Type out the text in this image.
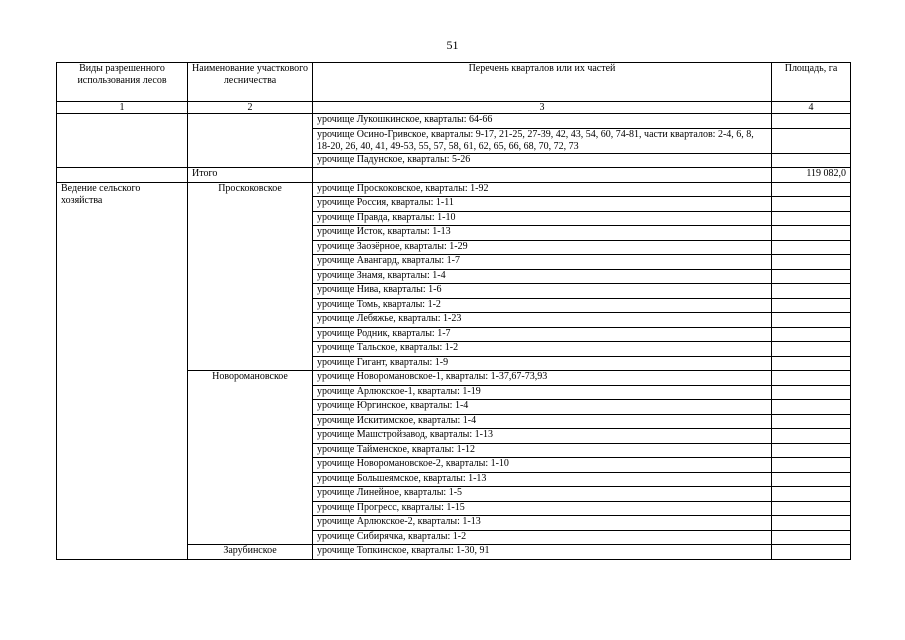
51
Виды разрешенного использования лесов	Наименование участкового лесничества	Перечень кварталов или их частей	Площадь, га
1	2	3	4
		урочище Лукошкинское, кварталы: 64-66	
		урочище Осино-Гривское, кварталы: 9-17, 21-25, 27-39, 42, 43, 54, 60, 74-81, части кварталов: 2-4, 6, 8, 18-20, 26, 40, 41, 49-53, 55, 57, 58, 61, 62, 65, 66, 68, 70, 72, 73	
		урочище Падунское, кварталы: 5-26	
	Итого		119 082,0
Ведение сельского хозяйства	Проскоковское	урочище Проскоковское, кварталы: 1-92	
		урочище Россия, кварталы: 1-11	
		урочище Правда, кварталы: 1-10	
		урочище Исток, кварталы: 1-13	
		урочище Заозёрное, кварталы: 1-29	
		урочище Авангард, кварталы: 1-7	
		урочище Знамя, кварталы: 1-4	
		урочище Нива, кварталы: 1-6	
		урочище Томь, кварталы: 1-2	
		урочище Лебяжье, кварталы: 1-23	
		урочище Родник, кварталы: 1-7	
		урочище Тальское, кварталы: 1-2	
		урочище Гигант, кварталы: 1-9	
	Новоромановское	урочище Новоромановское-1, кварталы: 1-37,67-73,93	
		урочище Арлюкское-1, кварталы: 1-19	
		урочище Юргинское, кварталы: 1-4	
		урочище Искитимское, кварталы: 1-4	
		урочище Машстройзавод, кварталы: 1-13	
		урочище Тайменское, кварталы: 1-12	
		урочище Новоромановское-2, кварталы: 1-10	
		урочище Большеямское, кварталы: 1-13	
		урочище Линейное, кварталы: 1-5	
		урочище Прогресс, кварталы: 1-15	
		урочище Арлюкское-2, кварталы: 1-13	
		урочище Сибирячка, кварталы: 1-2	
	Зарубинское	урочище Топкинское, кварталы: 1-30, 91	
